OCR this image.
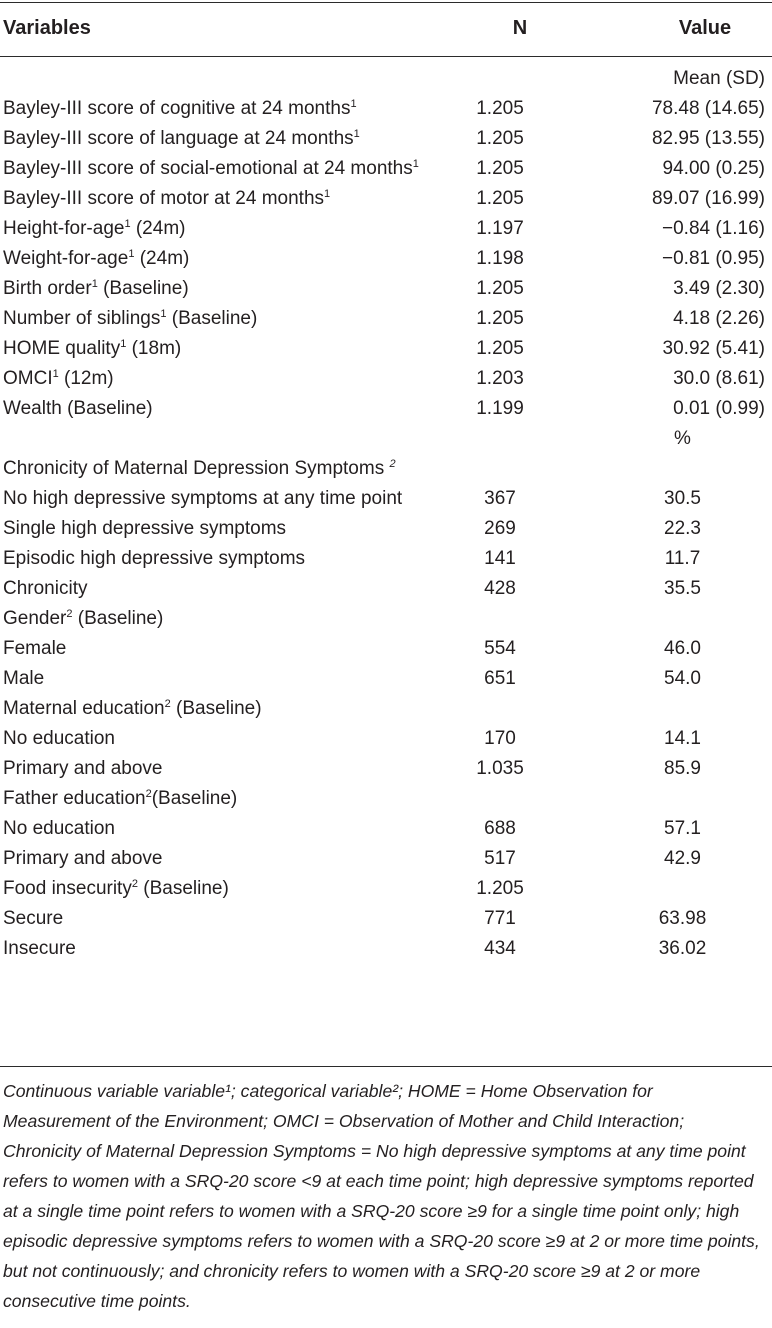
Variables	N	Value
Mean (SD)
Bayley-III score of cognitive at 24 months$^1$	1.205	78.48 (14.65)
Bayley-III score of language at 24 months$^1$	1.205	82.95 (13.55)
Bayley-III score of social-emotional at 24 months$^1$	1.205	94.00 (0.25)
Bayley-III score of motor at 24 months$^1$	1.205	89.07 (16.99)
Height-for-age$^1$ (24m)	1.197	−0.84 (1.16)
Weight-for-age$^1$ (24m)	1.198	−0.81 (0.95)
Birth order$^1$ (Baseline)	1.205	3.49 (2.30)
Number of siblings$^1$ (Baseline)	1.205	4.18 (2.26)
HOME quality$^1$ (18m)	1.205	30.92 (5.41)
OMCI$^1$ (12m)	1.203	30.0 (8.61)
Wealth (Baseline)	1.199	0.01 (0.99)
%
Chronicity of Maternal Depression Symptoms $^2$
No high depressive symptoms at any time point	367	30.5
Single high depressive symptoms	269	22.3
Episodic high depressive symptoms	141	11.7
Chronicity	428	35.5
Gender$^2$ (Baseline)
Female	554	46.0
Male	651	54.0
Maternal education$^2$ (Baseline)
No education	170	14.1
Primary and above	1.035	85.9
Father education$^2$(Baseline)
No education	688	57.1
Primary and above	517	42.9
Food insecurity$^2$ (Baseline)	1.205
Secure	771	63.98
Insecure	434	36.02
Continuous variable variable¹; categorical variable²; HOME = Home Observation for Measurement of the Environment; OMCI = Observation of Mother and Child Interaction; Chronicity of Maternal Depression Symptoms = No high depressive symptoms at any time point refers to women with a SRQ-20 score <9 at each time point; high depressive symptoms reported at a single time point refers to women with a SRQ-20 score ≥9 for a single time point only; high episodic depressive symptoms refers to women with a SRQ-20 score ≥9 at 2 or more time points, but not continuously; and chronicity refers to women with a SRQ-20 score ≥9 at 2 or more consecutive time points.
